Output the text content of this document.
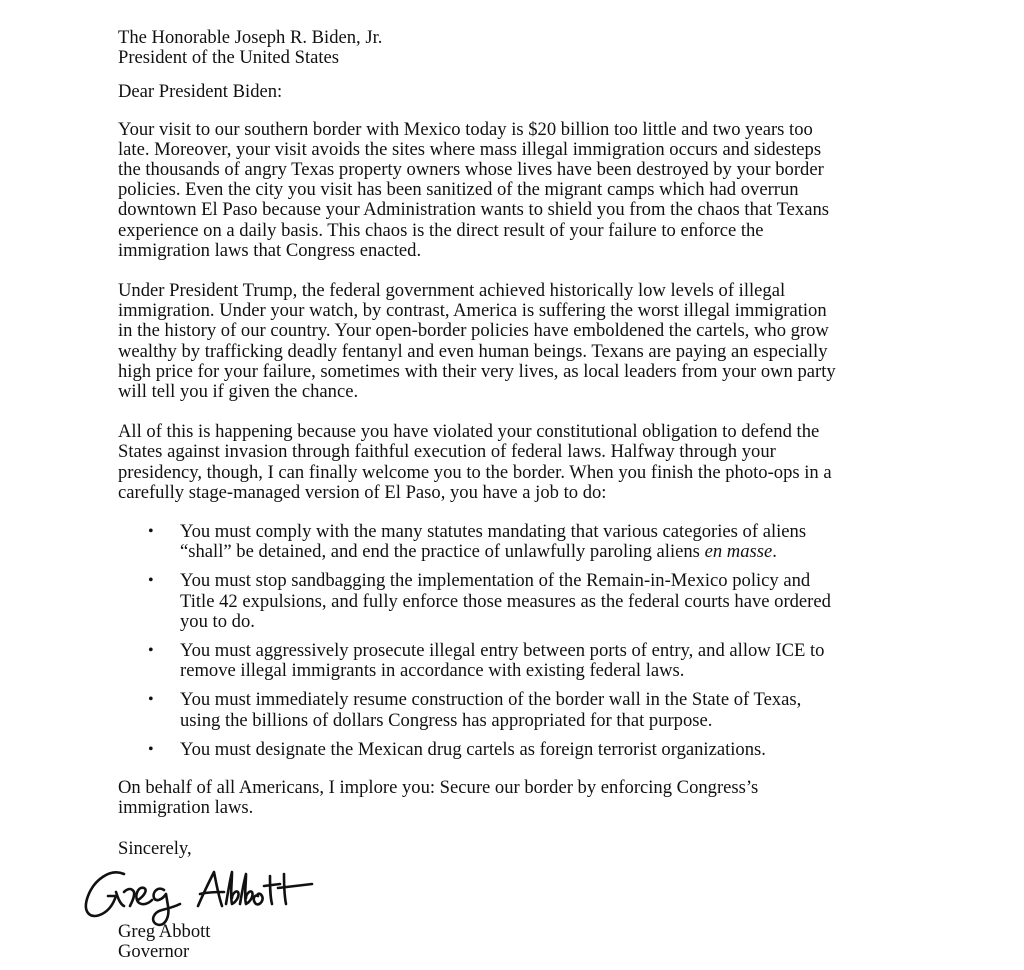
The Honorable Joseph R. Biden, Jr.
President of the United States
Dear President Biden:
Your visit to our southern border with Mexico today is $20 billion too little and two years too
late. Moreover, your visit avoids the sites where mass illegal immigration occurs and sidesteps
the thousands of angry Texas property owners whose lives have been destroyed by your border
policies. Even the city you visit has been sanitized of the migrant camps which had overrun
downtown El Paso because your Administration wants to shield you from the chaos that Texans
experience on a daily basis. This chaos is the direct result of your failure to enforce the
immigration laws that Congress enacted.
Under President Trump, the federal government achieved historically low levels of illegal
immigration. Under your watch, by contrast, America is suffering the worst illegal immigration
in the history of our country. Your open-border policies have emboldened the cartels, who grow
wealthy by trafficking deadly fentanyl and even human beings. Texans are paying an especially
high price for your failure, sometimes with their very lives, as local leaders from your own party
will tell you if given the chance.
All of this is happening because you have violated your constitutional obligation to defend the
States against invasion through faithful execution of federal laws. Halfway through your
presidency, though, I can finally welcome you to the border. When you finish the photo-ops in a
carefully stage-managed version of El Paso, you have a job to do:
• You must comply with the many statutes mandating that various categories of aliens
“shall” be detained, and end the practice of unlawfully paroling aliens en masse.
• You must stop sandbagging the implementation of the Remain-in-Mexico policy and
Title 42 expulsions, and fully enforce those measures as the federal courts have ordered
you to do.
• You must aggressively prosecute illegal entry between ports of entry, and allow ICE to
remove illegal immigrants in accordance with existing federal laws.
• You must immediately resume construction of the border wall in the State of Texas,
using the billions of dollars Congress has appropriated for that purpose.
• You must designate the Mexican drug cartels as foreign terrorist organizations.
On behalf of all Americans, I implore you: Secure our border by enforcing Congress’s
immigration laws.
Sincerely,
Greg Abbott
Governor
